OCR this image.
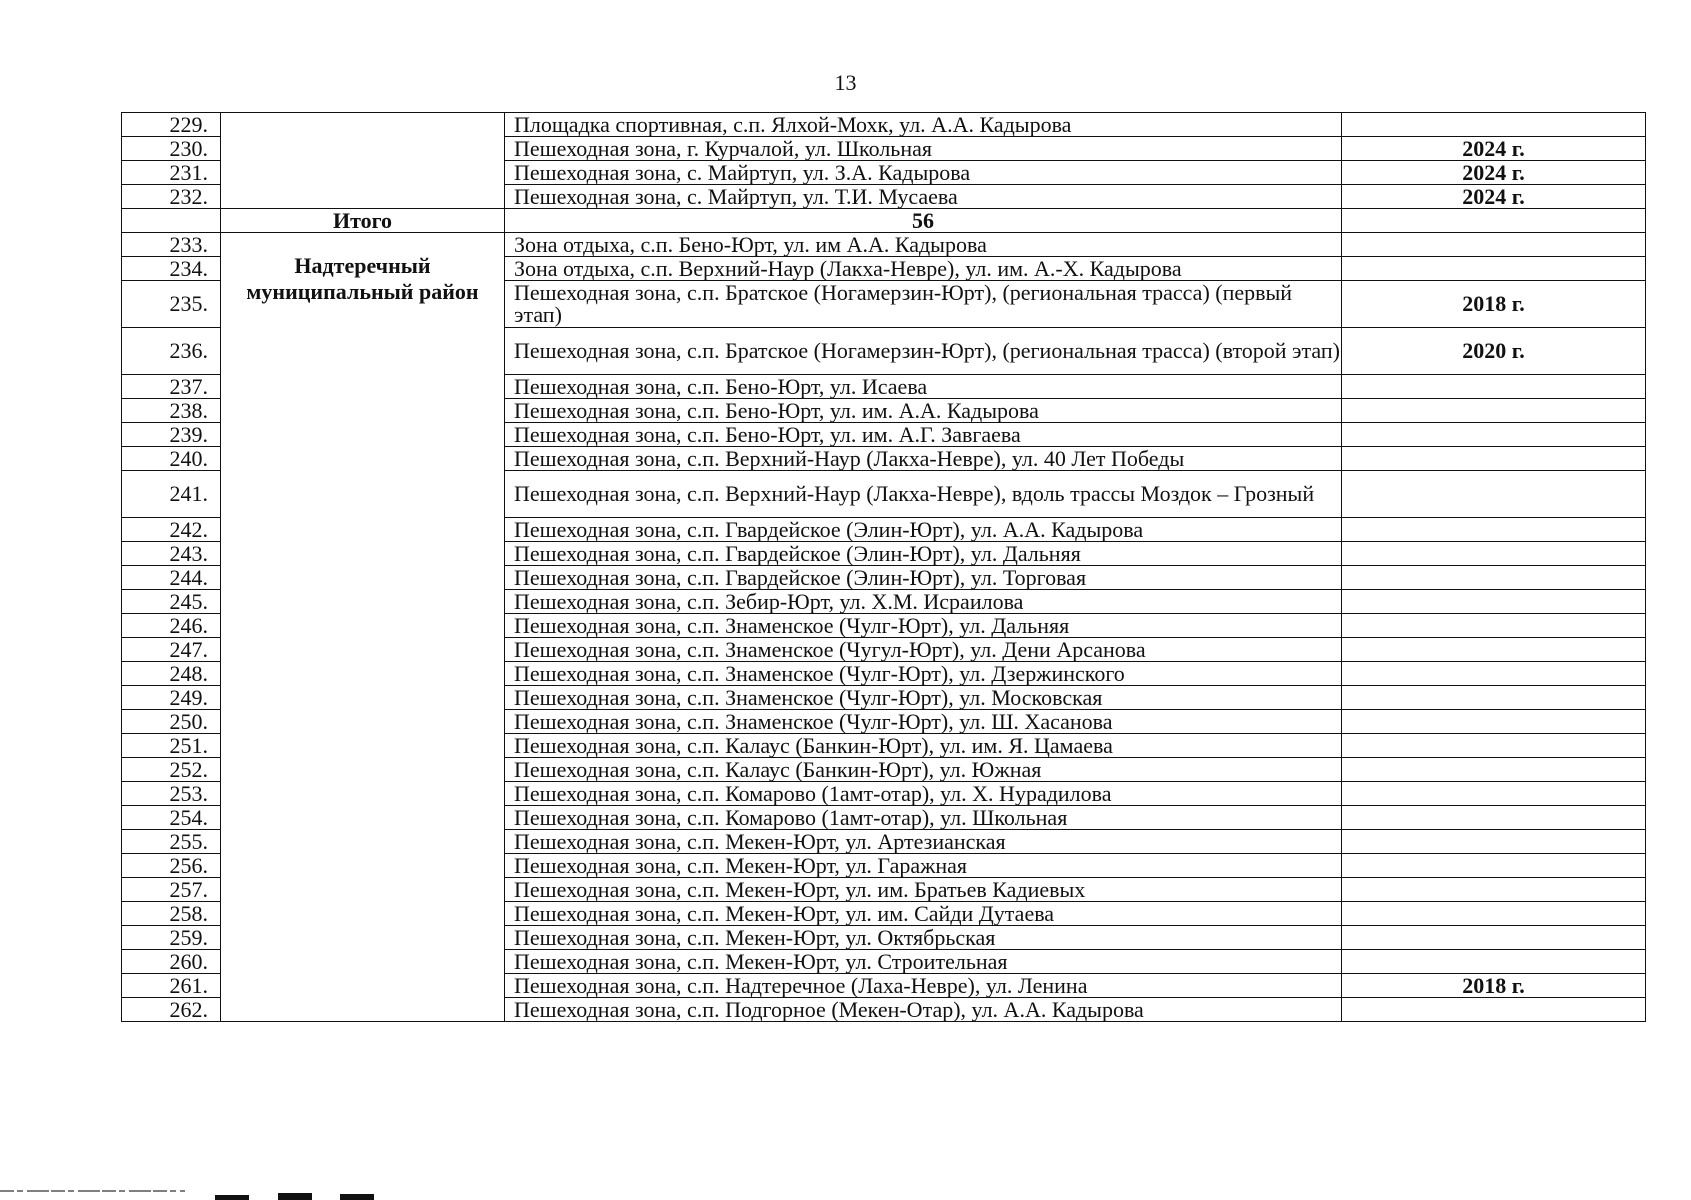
13
229.		Площадка спортивная, с.п. Ялхой-Мохк, ул. А.А. Кадырова	
230.		Пешеходная зона, г. Курчалой, ул. Школьная	2024 г.
231.		Пешеходная зона, с. Майртуп, ул. З.А. Кадырова	2024 г.
232.		Пешеходная зона, с. Майртуп, ул. Т.И. Мусаева	2024 г.
	Итого	56	
233.	Надтеречный муниципальный район	Зона отдыха, с.п. Бено-Юрт, ул. им А.А. Кадырова	
234.		Зона отдыха, с.п. Верхний-Наур (Лакха-Невре), ул. им. А.-Х. Кадырова	
235.		Пешеходная зона, с.п. Братское (Ногамерзин-Юрт), (региональная трасса) (первый этап)	2018 г.
236.		Пешеходная зона, с.п. Братское (Ногамерзин-Юрт), (региональная трасса) (второй этап)	2020 г.
237.		Пешеходная зона, с.п. Бено-Юрт, ул. Исаева	
238.		Пешеходная зона, с.п. Бено-Юрт, ул. им. А.А. Кадырова	
239.		Пешеходная зона, с.п. Бено-Юрт, ул. им. А.Г. Завгаева	
240.		Пешеходная зона, с.п. Верхний-Наур (Лакха-Невре), ул. 40 Лет Победы	
241.		Пешеходная зона, с.п. Верхний-Наур (Лакха-Невре), вдоль трассы Моздок – Грозный	
242.		Пешеходная зона, с.п. Гвардейское (Элин-Юрт), ул. А.А. Кадырова	
243.		Пешеходная зона, с.п. Гвардейское (Элин-Юрт), ул. Дальняя	
244.		Пешеходная зона, с.п. Гвардейское (Элин-Юрт), ул. Торговая	
245.		Пешеходная зона, с.п. Зебир-Юрт, ул. Х.М. Исраилова	
246.		Пешеходная зона, с.п. Знаменское (Чулг-Юрт), ул. Дальняя	
247.		Пешеходная зона, с.п. Знаменское (Чугул-Юрт), ул. Дени Арсанова	
248.		Пешеходная зона, с.п. Знаменское (Чулг-Юрт), ул. Дзержинского	
249.		Пешеходная зона, с.п. Знаменское (Чулг-Юрт), ул. Московская	
250.		Пешеходная зона, с.п. Знаменское (Чулг-Юрт), ул. Ш. Хасанова	
251.		Пешеходная зона, с.п. Калаус (Банкин-Юрт), ул. им. Я. Цамаева	
252.		Пешеходная зона, с.п. Калаус (Банкин-Юрт), ул. Южная	
253.		Пешеходная зона, с.п. Комарово (1амт-отар), ул. Х. Нурадилова	
254.		Пешеходная зона, с.п. Комарово (1амт-отар), ул. Школьная	
255.		Пешеходная зона, с.п. Мекен-Юрт, ул. Артезианская	
256.		Пешеходная зона, с.п. Мекен-Юрт, ул. Гаражная	
257.		Пешеходная зона, с.п. Мекен-Юрт, ул. им. Братьев Кадиевых	
258.		Пешеходная зона, с.п. Мекен-Юрт, ул. им. Сайди Дутаева	
259.		Пешеходная зона, с.п. Мекен-Юрт, ул. Октябрьская	
260.		Пешеходная зона, с.п. Мекен-Юрт, ул. Строительная	
261.		Пешеходная зона, с.п. Надтеречное (Лаха-Невре), ул. Ленина	2018 г.
262.		Пешеходная зона, с.п. Подгорное (Мекен-Отар), ул. А.А. Кадырова	
